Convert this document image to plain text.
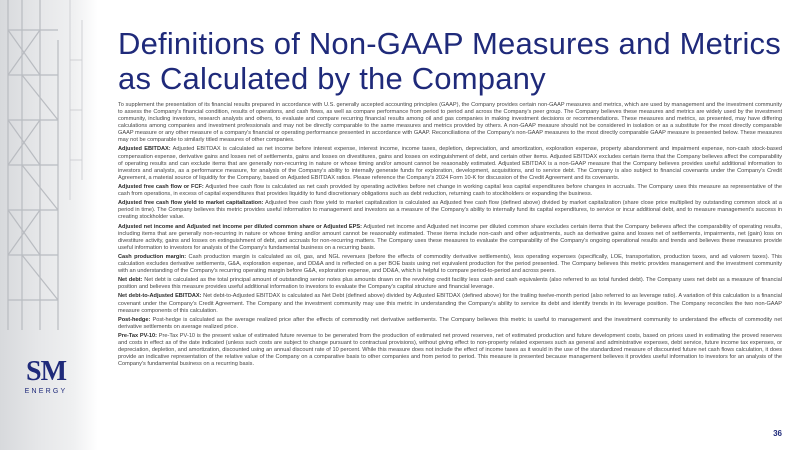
SM
ENERGY
Definitions of Non-GAAP Measures and Metrics as Calculated by the Company

To supplement the presentation of its financial results prepared in accordance with U.S. generally accepted accounting principles (GAAP), the Company provides certain non-GAAP measures and metrics, which are used by management and the investment community to assess the Company's financial condition, results of operations, and cash flows, as well as compare performance from period to period and across the Company's peer group. The Company believes these measures and metrics are widely used by the investment community, including investors, research analysts and others, to evaluate and compare recurring financial results among oil and gas companies in making investment decisions or recommendations. These measures and metrics, as presented, may have differing calculations among companies and investment professionals and may not be directly comparable to the same measures and metrics provided by others. A non-GAAP measure should not be considered in isolation or as a substitute for the most directly comparable GAAP measure or any other measure of a company's financial or operating performance presented in accordance with GAAP. Reconciliations of the Company's non-GAAP measures to the most directly comparable GAAP measure is presented below. These measures may not be comparable to similarly titled measures of other companies.

Adjusted EBITDAX: Adjusted EBITDAX is calculated as net income before interest expense, interest income, income taxes, depletion, depreciation, and amortization, exploration expense, property abandonment and impairment expense, non-cash stock-based compensation expense, derivative gains and losses net of settlements, gains and losses on divestitures, gains and losses on extinguishment of debt, and certain other items. Adjusted EBITDAX excludes certain items that the Company believes affect the comparability of operating results and can exclude items that are generally non-recurring in nature or whose timing and/or amount cannot be reasonably estimated. Adjusted EBITDAX is a non-GAAP measure that the Company believes provides useful additional information to investors and analysts, as a performance measure, for analysis of the Company's ability to internally generate funds for exploration, development, acquisitions, and to service debt. The Company is also subject to financial covenants under the Company's Credit Agreement, a material source of liquidity for the Company, based on Adjusted EBITDAX ratios. Please reference the Company's 2024 Form 10-K for discussion of the Credit Agreement and its covenants.

Adjusted free cash flow or FCF: Adjusted free cash flow is calculated as net cash provided by operating activities before net change in working capital less capital expenditures before changes in accruals. The Company uses this measure as representative of the cash from operations, in excess of capital expenditures that provides liquidity to fund discretionary obligations such as debt reduction, returning cash to stockholders or expanding the business.

Adjusted free cash flow yield to market capitalization: Adjusted free cash flow yield to market capitalization is calculated as Adjusted free cash flow (defined above) divided by market capitalization (share close price multiplied by outstanding common stock at a period in time). The Company believes this metric provides useful information to management and investors as a measure of the Company's ability to internally fund its capital expenditures, to service or incur additional debt, and to measure management's success in creating stockholder value.

Adjusted net income and Adjusted net income per diluted common share or Adjusted EPS: Adjusted net income and Adjusted net income per diluted common share excludes certain items that the Company believes affect the comparability of operating results, including items that are generally non-recurring in nature or whose timing and/or amount cannot be reasonably estimated. These items include non-cash and other adjustments, such as derivative gains and losses net of settlements, impairments, net (gain) loss on divestiture activity, gains and losses on extinguishment of debt, and accruals for non-recurring matters. The Company uses these measures to evaluate the comparability of the Company's ongoing operational results and trends and believes these measures provide useful information to investors for analysis of the Company's fundamental business on a recurring basis.

Cash production margin: Cash production margin is calculated as oil, gas, and NGL revenues (before the effects of commodity derivative settlements), less operating expenses (specifically, LOE, transportation, production taxes, and ad valorem taxes). This calculation excludes derivative settlements, G&A, exploration expense, and DD&A and is reflected on a per BOE basis using net equivalent production for the period presented. The Company believes this metric provides management and the investment community with an understanding of the Company's recurring operating margin before G&A, exploration expense, and DD&A, which is helpful to compare period-to-period and across peers.

Net debt: Net debt is calculated as the total principal amount of outstanding senior notes plus amounts drawn on the revolving credit facility less cash and cash equivalents (also referred to as total funded debt). The Company uses net debt as a measure of financial position and believes this measure provides useful additional information to investors to evaluate the Company's capital structure and financial leverage.

Net debt-to-Adjusted EBITDAX: Net debt-to-Adjusted EBITDAX is calculated as Net Debt (defined above) divided by Adjusted EBITDAX (defined above) for the trailing twelve-month period (also referred to as leverage ratio). A variation of this calculation is a financial covenant under the Company's Credit Agreement. The Company and the investment community may use this metric in understanding the Company's ability to service its debt and identify trends in its leverage position. The Company reconciles the two non-GAAP measure components of this calculation.

Post-hedge: Post-hedge is calculated as the average realized price after the effects of commodity net derivative settlements. The Company believes this metric is useful to management and the investment community to understand the effects of commodity net derivative settlements on average realized price.

Pre-Tax PV-10: Pre-Tax PV-10 is the present value of estimated future revenue to be generated from the production of estimated net proved reserves, net of estimated production and future development costs, based on prices used in estimating the proved reserves and costs in effect as of the date indicated (unless such costs are subject to change pursuant to contractual provisions), without giving effect to non-property related expenses such as general and administrative expenses, debt service, future income tax expenses, or depreciation, depletion, and amortization, discounted using an annual discount rate of 10 percent. While this measure does not include the effect of income taxes as it would in the use of the standardized measure of discounted future net cash flows calculation, it does provide an indicative representation of the relative value of the Company on a comparative basis to other companies and from period to period. This measure is presented because management believes it provides useful information to investors for an analysis of the Company's fundamental business on a recurring basis.

36
